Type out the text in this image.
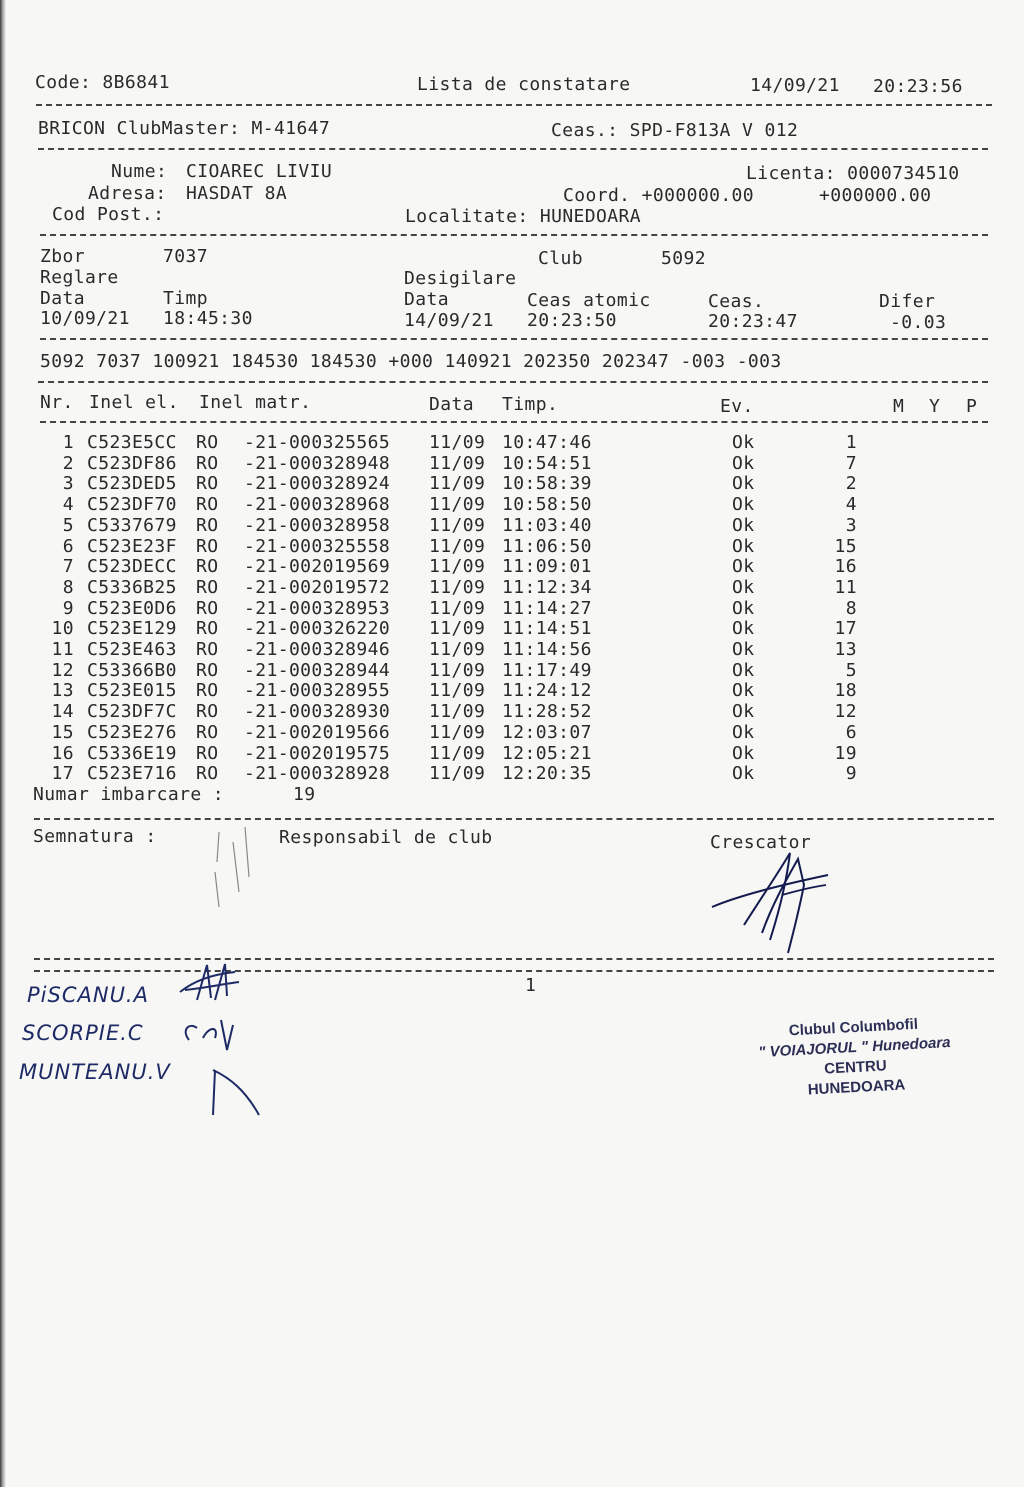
Code: 8B6841	Lista de constatare	14/09/21 20:23:56
BRICON ClubMaster: M-41647	Ceas.: SPD-F813A V 012
Nume: CIOAREC LIVIU
Adresa: HASDAT 8A
Cod Post.:
Licenta: 0000734510
Coord. +000000.00	+000000.00
Localitate: HUNEDOARA
Zbor	7037	Club	5092
Reglare	Desigilare
Data	Timp	Data	Ceas atomic	Ceas.	Difer
10/09/21 18:45:30	14/09/21 20:23:50	20:23:47	-0.03
5092 7037 100921 184530 184530 +000 140921 202350 202347 -003 -003
Nr. Inel el. Inel matr.	Data Timp.	Ev.	M Y P
1 C523E5CC RO -21-000325565 11/09 10:47:46	Ok	1
2 C523DF86 RO -21-000328948 11/09 10:54:51	Ok	7
3 C523DED5 RO -21-000328924 11/09 10:58:39	Ok	2
4 C523DF70 RO -21-000328968 11/09 10:58:50	Ok	4
5 C5337679 RO -21-000328958 11/09 11:03:40	Ok	3
6 C523E23F RO -21-000325558 11/09 11:06:50	Ok	15
7 C523DECC RO -21-002019569 11/09 11:09:01	Ok	16
8 C5336B25 RO -21-002019572 11/09 11:12:34	Ok	11
9 C523E0D6 RO -21-000328953 11/09 11:14:27	Ok	8
10 C523E129 RO -21-000326220 11/09 11:14:51	Ok	17
11 C523E463 RO -21-000328946 11/09 11:14:56	Ok	13
12 C53366B0 RO -21-000328944 11/09 11:17:49	Ok	5
13 C523E015 RO -21-000328955 11/09 11:24:12	Ok	18
14 C523DF7C RO -21-000328930 11/09 11:28:52	Ok	12
15 C523E276 RO -21-002019566 11/09 12:03:07	Ok	6
16 C5336E19 RO -21-002019575 11/09 12:05:21	Ok	19
17 C523E716 RO -21-000328928 11/09 12:20:35	Ok	9
Numar imbarcare :	19
Semnatura :	Responsabil de club	Crescator
1
PiSCANU.A
SCORPIE.C
MUNTEANU.V
Clubul Columbofil
" VOIAJORUL " Hunedoara
CENTRU
HUNEDOARA
